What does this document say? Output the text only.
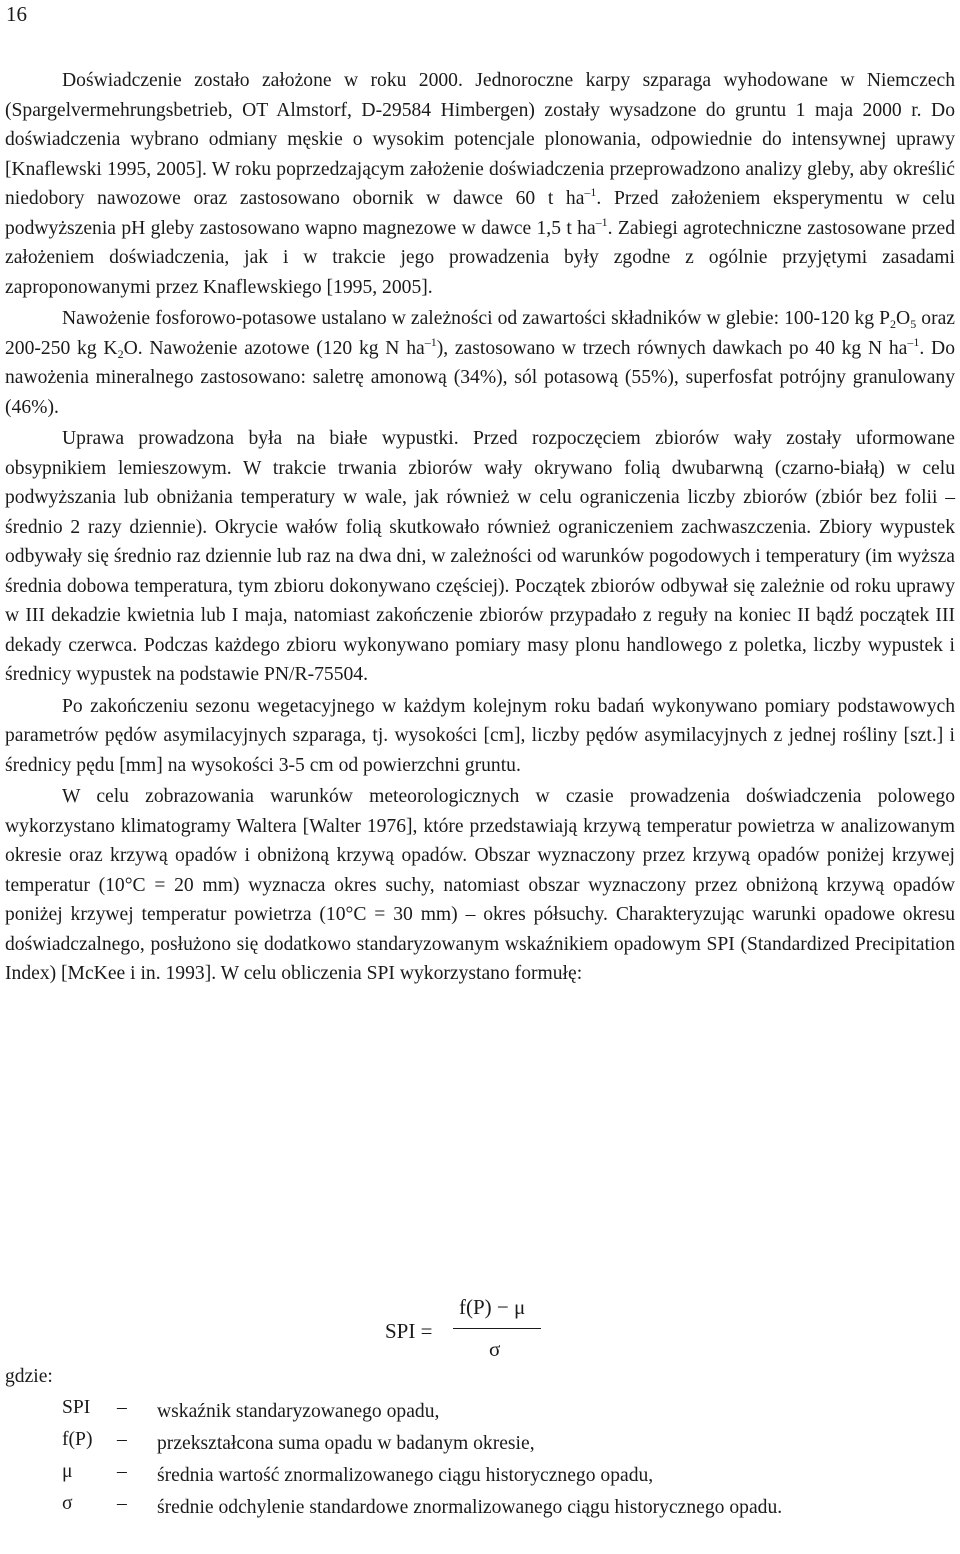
16

Doświadczenie zostało założone w roku 2000. Jednoroczne karpy szparaga wyhodowane w Niemczech (Spargelvermehrungsbetrieb, OT Almstorf, D-29584 Himbergen) zostały wysadzone do gruntu 1 maja 2000 r. Do doświadczenia wybrano odmiany męskie o wysokim potencjale plonowania, odpowiednie do intensywnej uprawy [Knaflewski 1995, 2005]. W roku poprzedzającym założenie doświadczenia przeprowadzono analizy gleby, aby określić niedobory nawozowe oraz zastosowano obornik w dawce 60 t $ha^{-1}$. Przed założeniem eksperymentu w celu podwyższenia pH gleby zastosowano wapno magnezowe w dawce 1,5 t $ha^{-1}$. Zabiegi agrotechniczne zastosowane przed założeniem doświadczenia, jak i w trakcie jego prowadzenia były zgodne z ogólnie przyjętymi zasadami zaproponowanymi przez Knaflewskiego [1995, 2005].

Nawożenie fosforowo-potasowe ustalano w zależności od zawartości składników w glebie: 100-120 kg $P_2O_5$ oraz 200-250 kg $K_2O$. Nawożenie azotowe (120 kg N $ha^{-1}$), zastosowano w trzech równych dawkach po 40 kg N $ha^{-1}$. Do nawożenia mineralnego zastosowano: saletrę amonową (34%), sól potasową (55%), superfosfat potrójny granulowany (46%).

Uprawa prowadzona była na białe wypustki. Przed rozpoczęciem zbiorów wały zostały uformowane obsypnikiem lemieszowym. W trakcie trwania zbiorów wały okrywano folią dwubarwną (czarno-białą) w celu podwyższania lub obniżania temperatury w wale, jak również w celu ograniczenia liczby zbiorów (zbiór bez folii – średnio 2 razy dziennie). Okrycie wałów folią skutkowało również ograniczeniem zachwaszczenia. Zbiory wypustek odbywały się średnio raz dziennie lub raz na dwa dni, w zależności od warunków pogodowych i temperatury (im wyższa średnia dobowa temperatura, tym zbioru dokonywano częściej). Początek zbiorów odbywał się zależnie od roku uprawy w III dekadzie kwietnia lub I maja, natomiast zakończenie zbiorów przypadało z reguły na koniec II bądź początek III dekady czerwca. Podczas każdego zbioru wykonywano pomiary masy plonu handlowego z poletka, liczby wypustek i średnicy wypustek na podstawie PN/R-75504.

Po zakończeniu sezonu wegetacyjnego w każdym kolejnym roku badań wykonywano pomiary podstawowych parametrów pędów asymilacyjnych szparaga, tj. wysokości [cm], liczby pędów asymilacyjnych z jednej rośliny [szt.] i średnicy pędu [mm] na wysokości 3-5 cm od powierzchni gruntu.

W celu zobrazowania warunków meteorologicznych w czasie prowadzenia doświadczenia polowego wykorzystano klimatogramy Waltera [Walter 1976], które przedstawiają krzywą temperatur powietrza w analizowanym okresie oraz krzywą opadów i obniżoną krzywą opadów. Obszar wyznaczony przez krzywą opadów poniżej krzywej temperatur (10°C = 20 mm) wyznacza okres suchy, natomiast obszar wyznaczony przez obniżoną krzywą opadów poniżej krzywej temperatur powietrza (10°C = 30 mm) – okres półsuchy. Charakteryzując warunki opadowe okresu doświadczalnego, posłużono się dodatkowo standaryzowanym wskaźnikiem opadowym SPI (Standardized Precipitation Index) [McKee i in. 1993]. W celu obliczenia SPI wykorzystano formułę:

SPI =
f(P) − μ
σ
gdzie:
SPI – wskaźnik standaryzowanego opadu,
f(P) – przekształcona suma opadu w badanym okresie,
μ – średnia wartość znormalizowanego ciągu historycznego opadu,
σ – średnie odchylenie standardowe znormalizowanego ciągu historycznego opadu.
